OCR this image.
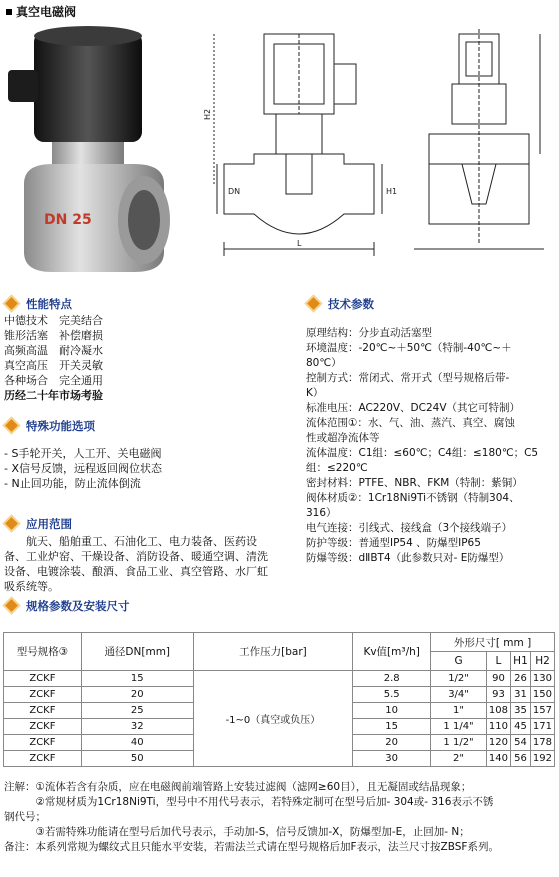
真空电磁阀
DN 25
H2
DN	H1
L
性能特点
中德技术　完美结合
锥形活塞　补偿磨损
高频高温　耐冷凝水
真空高压　开关灵敏
各种场合　完全通用
历经二十年市场考验
特殊功能选项
- S手轮开关，人工开、关电磁阀
- X信号反馈，远程返回阀位状态
- N止回功能，防止流体倒流
应用范围
　　航天、船舶重工、石油化工、电力装备、医药设
备、工业炉窑、干燥设备、消防设备、暖通空调、清洗
设备、电镀涂装、酿酒、食品工业、真空管路、水厂虹
吸系统等。
技术参数
原理结构：分步直动活塞型
环境温度：-20℃~＋50℃（特制-40℃~＋
80℃）
控制方式：常闭式、常开式（型号规格后带-
K）
标准电压：AC220V、DC24V（其它可特制）
流体范围①：水、气、油、蒸汽、真空、腐蚀
性或超净流体等
流体温度：C1组：≤60℃；C4组：≤180℃；C5
组：≤220℃
密封材料：PTFE、NBR、FKM（特制：紫铜）
阀体材质②：1Cr18Ni9Ti不锈钢（特制304、
316）
电气连接：引线式、接线盒（3个接线端子）
防护等级：普通型IP54 、防爆型IP65
防爆等级：dⅡBT4（此参数只对- E防爆型）
规格参数及安装尺寸
型号规格③	通径DN[mm]	工作压力[bar]	Kv值[m³/h]	外形尺寸[ mm ]			
				G	L	H1	H2
ZCKF	15	-1~0（真空或负压）	2.8	1/2"	90	26	130
ZCKF	20		5.5	3/4"	93	31	150
ZCKF	25		10	1"	108	35	157
ZCKF	32		15	1 1/4"	110	45	171
ZCKF	40		20	1 1/2"	120	54	178
ZCKF	50		30	2"	140	56	192
注解：①流体若含有杂质，应在电磁阀前端管路上安装过滤阀（滤网≥60目），且无凝固或结晶现象；
　　　②常规材质为1Cr18Ni9Ti，型号中不用代号表示，若特殊定制可在型号后加- 304或- 316表示不锈
钢代号；
　　　③若需特殊功能请在型号后加代号表示，手动加-S，信号反馈加-X，防爆型加-E，止回加- N；
备注：本系列常规为螺纹式且只能水平安装，若需法兰式请在型号规格后加F表示，法兰尺寸按ZBSF系列。
